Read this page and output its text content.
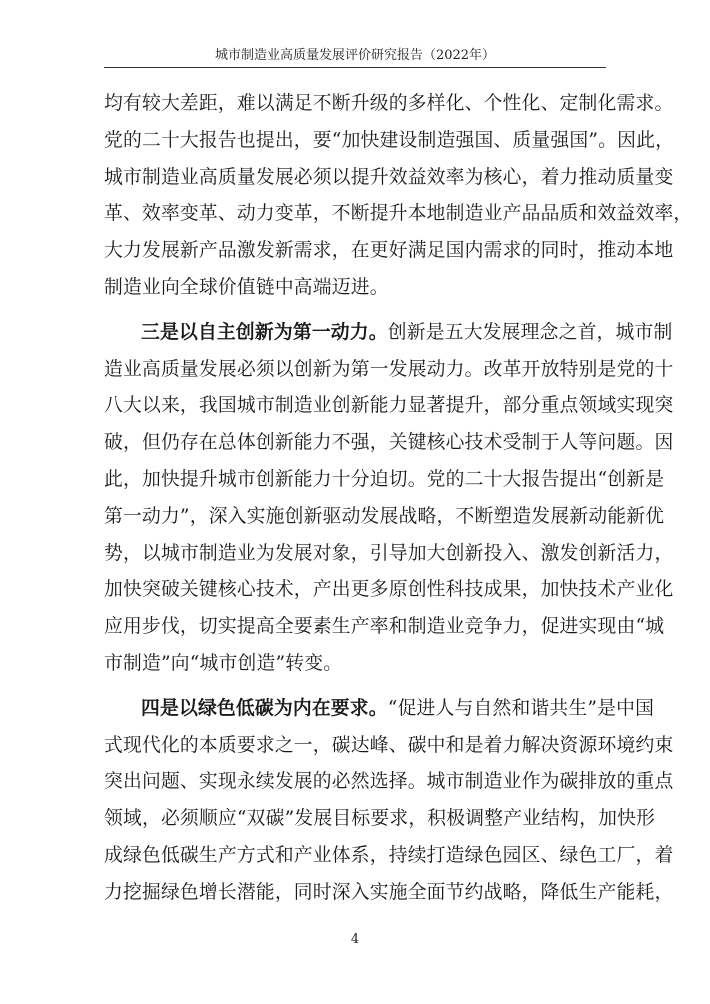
城市制造业高质量发展评价研究报告（2022年）
均有较大差距，难以满足不断升级的多样化、个性化、定制化需求。
党的二十大报告也提出，要“加快建设制造强国、质量强国”。因此，
城市制造业高质量发展必须以提升效益效率为核心，着力推动质量变
革、效率变革、动力变革，不断提升本地制造业产品品质和效益效率，
大力发展新产品激发新需求，在更好满足国内需求的同时，推动本地
制造业向全球价值链中高端迈进。
三是以自主创新为第一动力。创新是五大发展理念之首，城市制
造业高质量发展必须以创新为第一发展动力。改革开放特别是党的十
八大以来，我国城市制造业创新能力显著提升，部分重点领域实现突
破，但仍存在总体创新能力不强，关键核心技术受制于人等问题。因
此，加快提升城市创新能力十分迫切。党的二十大报告提出“创新是
第一动力”，深入实施创新驱动发展战略，不断塑造发展新动能新优
势，以城市制造业为发展对象，引导加大创新投入、激发创新活力，
加快突破关键核心技术，产出更多原创性科技成果，加快技术产业化
应用步伐，切实提高全要素生产率和制造业竞争力，促进实现由“城
市制造”向“城市创造”转变。
四是以绿色低碳为内在要求。“促进人与自然和谐共生”是中国
式现代化的本质要求之一，碳达峰、碳中和是着力解决资源环境约束
突出问题、实现永续发展的必然选择。城市制造业作为碳排放的重点
领域，必须顺应“双碳”发展目标要求，积极调整产业结构，加快形
成绿色低碳生产方式和产业体系，持续打造绿色园区、绿色工厂，着
力挖掘绿色增长潜能，同时深入实施全面节约战略，降低生产能耗，
4
